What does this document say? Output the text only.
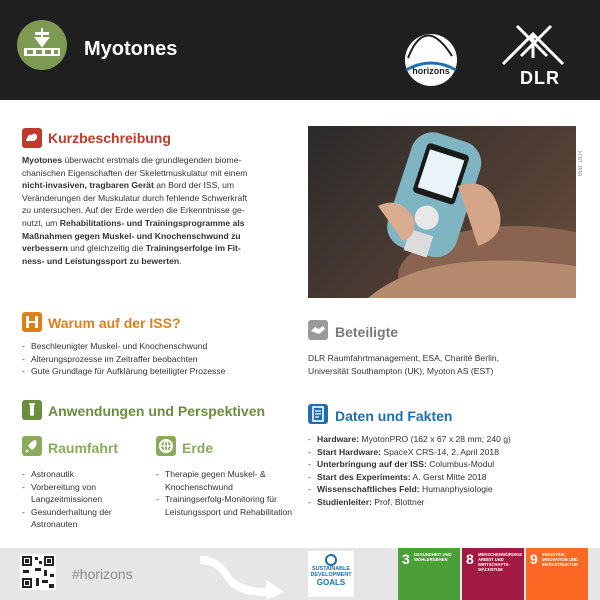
Myotones
horizons	DLR
Kurzbeschreibung
Myotones überwacht erstmals die grundlegenden biome-
chanischen Eigenschaften der Skelettmuskulatur mit einem
nicht-invasiven, tragbaren Gerät an Bord der ISS, um
Veränderungen der Muskulatur durch fehlende Schwerkraft
zu untersuchen. Auf der Erde werden die Erkenntnisse ge-
nutzt, um Rehabilitations- und Trainingsprogramme als
Maßnahmen gegen Muskel- und Knochenschwund zu
verbessern und gleichzeitig die Trainingserfolge im Fit-
ness- und Leistungssport zu bewerten.
Bild: DLR
Warum auf der ISS?
- Beschleunigter Muskel- und Knochenschwund
- Alterungsprozesse im Zeitraffer beobachten
- Gute Grundlage für Aufklärung beteiligter Prozesse
Beteiligte
DLR Raumfahrtmanagement, ESA, Charité Berlin,
Universität Southampton (UK), Myoton AS (EST)
Anwendungen und Perspektiven
Raumfahrt
- Astronautik
- Vorbereitung von Langzeitmissionen
- Gesunderhaltung der Astronauten
Erde
- Therapie gegen Muskel- & Knochenschwund
- Trainingserfolg-Monitoring für Leistungssport und Rehabilitation
Daten und Fakten
- Hardware: MyotonPRO (162 x 67 x 28 mm; 240 g)
- Start Hardware: SpaceX CRS-14, 2. April 2018
- Unterbringung auf der ISS: Columbus-Modul
- Start des Experiments: A. Gerst Mitte 2018
- Wissenschaftliches Feld: Humanphysiologie
- Studienleiter: Prof. Blottner
#horizons	SUSTAINABLE
DEVELOPMENT
GOALS
3 GESUNDHEIT UND WOHLERGEHEN	8 MENSCHENWÜRDIGE ARBEIT UND WIRTSCHAFTS-WACHSTUM
9 INDUSTRIE, INNOVATION UND INFRASTRUKTUR
